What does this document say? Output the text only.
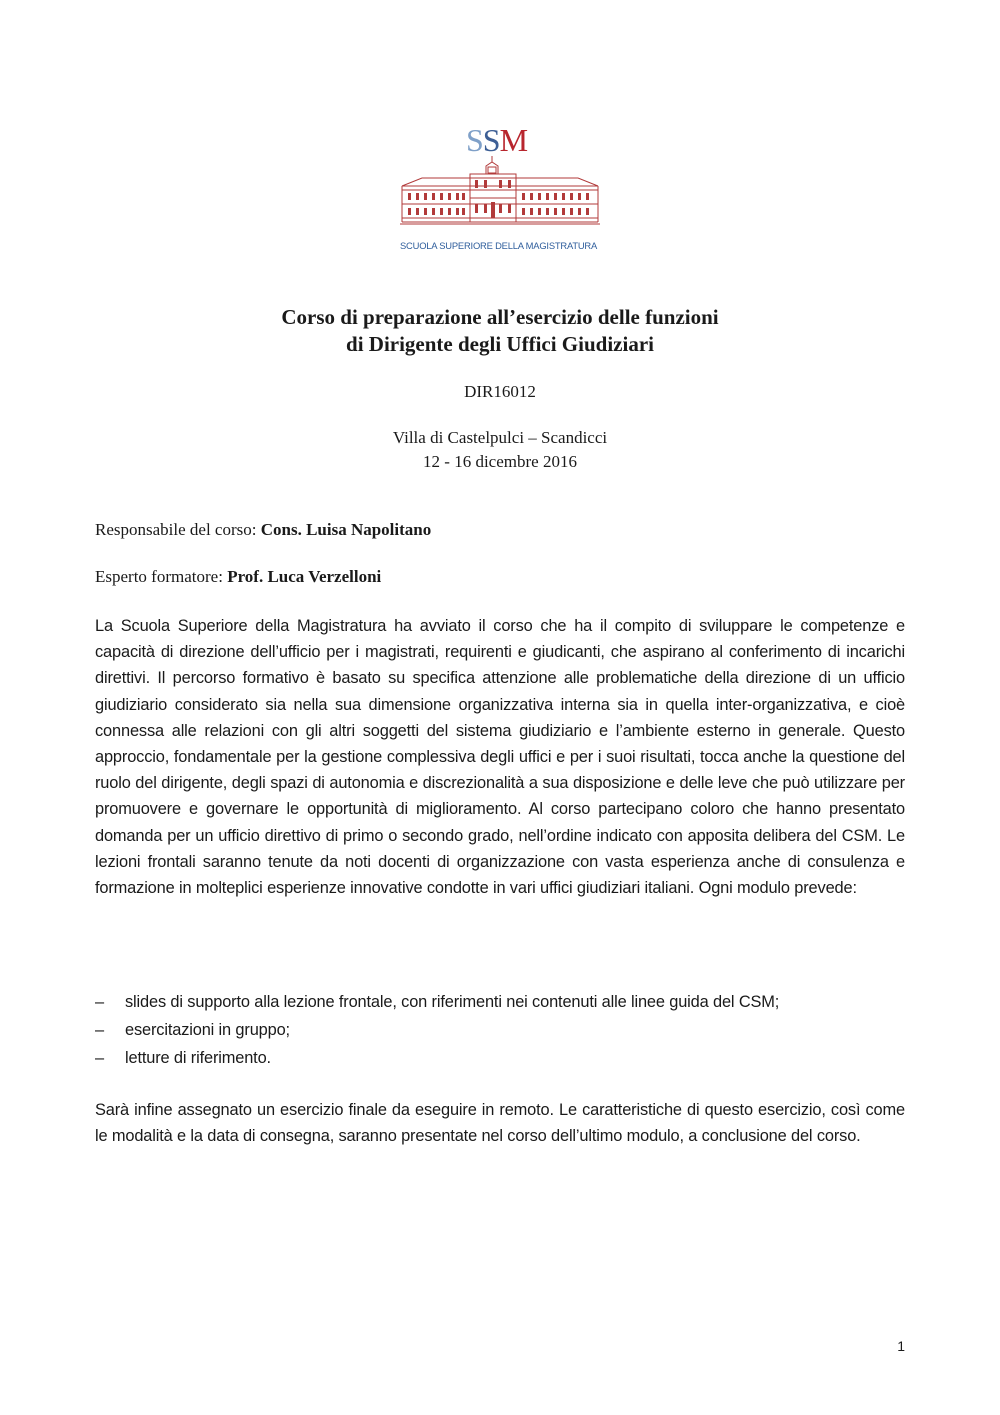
SSM
SCUOLA SUPERIORE DELLA MAGISTRATURA
Corso di preparazione all’esercizio delle funzioni
di Dirigente degli Uffici Giudiziari
DIR16012
Villa di Castelpulci – Scandicci
12 - 16 dicembre 2016
Responsabile del corso: Cons. Luisa Napolitano
Esperto formatore: Prof. Luca Verzelloni

La Scuola Superiore della Magistratura ha avviato il corso che ha il compito di sviluppare le competenze e capacità di direzione dell’ufficio per i magistrati, requirenti e giudicanti, che aspirano al conferimento di incarichi direttivi. Il percorso formativo è basato su specifica attenzione alle problematiche della direzione di un ufficio giudiziario considerato sia nella sua dimensione organizzativa interna sia in quella inter-organizzativa, e cioè connessa alle relazioni con gli altri soggetti del sistema giudiziario e l’ambiente esterno in generale. Questo approccio, fondamentale per la gestione complessiva degli uffici e per i suoi risultati, tocca anche la questione del ruolo del dirigente, degli spazi di autonomia e discrezionalità a sua disposizione e delle leve che può utilizzare per promuovere e governare le opportunità di miglioramento. Al corso partecipano coloro che hanno presentato domanda per un ufficio direttivo di primo o secondo grado, nell’ordine indicato con apposita delibera del CSM. Le lezioni frontali saranno tenute da noti docenti di organizzazione con vasta esperienza anche di consulenza e formazione in molteplici esperienze innovative condotte in vari uffici giudiziari italiani. Ogni modulo prevede:

–	slides di supporto alla lezione frontale, con riferimenti nei contenuti alle linee guida del CSM;
–	esercitazioni in gruppo;
–	letture di riferimento.

Sarà infine assegnato un esercizio finale da eseguire in remoto. Le caratteristiche di questo esercizio, così come le modalità e la data di consegna, saranno presentate nel corso dell’ultimo modulo, a conclusione del corso.

1
